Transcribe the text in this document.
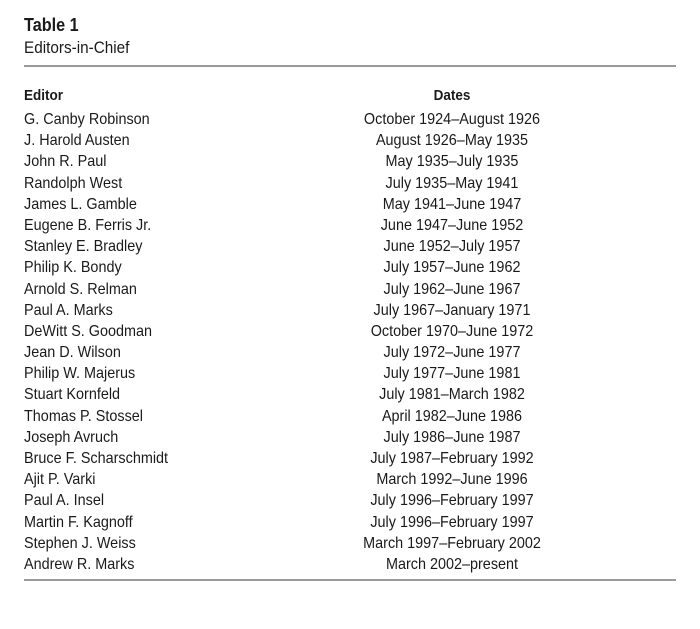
Table 1
Editors-in-Chief
Editor	Dates
G. Canby Robinson	October 1924–August 1926
J. Harold Austen	August 1926–May 1935
John R. Paul	May 1935–July 1935
Randolph West	July 1935–May 1941
James L. Gamble	May 1941–June 1947
Eugene B. Ferris Jr.	June 1947–June 1952
Stanley E. Bradley	June 1952–July 1957
Philip K. Bondy	July 1957–June 1962
Arnold S. Relman	July 1962–June 1967
Paul A. Marks	July 1967–January 1971
DeWitt S. Goodman	October 1970–June 1972
Jean D. Wilson	July 1972–June 1977
Philip W. Majerus	July 1977–June 1981
Stuart Kornfeld	July 1981–March 1982
Thomas P. Stossel	April 1982–June 1986
Joseph Avruch	July 1986–June 1987
Bruce F. Scharschmidt	July 1987–February 1992
Ajit P. Varki	March 1992–June 1996
Paul A. Insel	July 1996–February 1997
Martin F. Kagnoff	July 1996–February 1997
Stephen J. Weiss	March 1997–February 2002
Andrew R. Marks	March 2002–present
